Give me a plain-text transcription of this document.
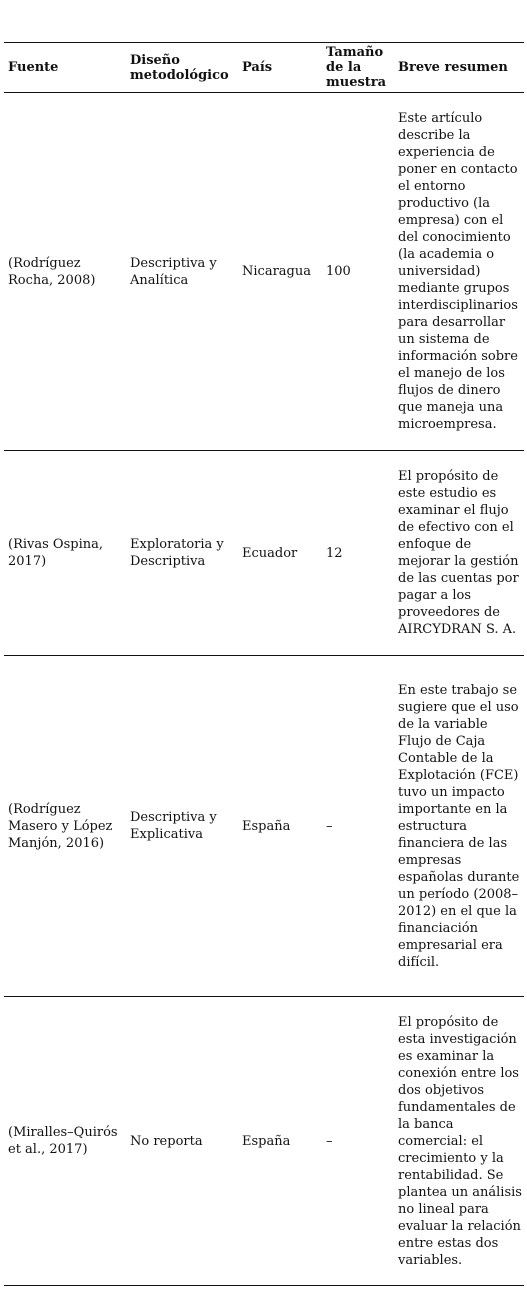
Fuente	Diseño metodológico	País	Tamaño de la muestra	Breve resumen
(Rodríguez Rocha, 2008)	Descriptiva y Analítica	Nicaragua	100	Este artículo describe la experiencia de poner en contacto el entorno productivo (la empresa) con el del conocimiento (la academia o universidad) mediante grupos interdisciplinarios para desarrollar un sistema de información sobre el manejo de los flujos de dinero que maneja una microempresa.
(Rivas Ospina, 2017)	Exploratoria y Descriptiva	Ecuador	12	El propósito de este estudio es examinar el flujo de efectivo con el enfoque de mejorar la gestión de las cuentas por pagar a los proveedores de AIRCYDRAN S. A.
(Rodríguez Masero y López Manjón, 2016)	Descriptiva y Explicativa	España	–	En este trabajo se sugiere que el uso de la variable Flujo de Caja Contable de la Explotación (FCE) tuvo un impacto importante en la estructura financiera de las empresas españolas durante un período (2008–2012) en el que la financiación empresarial era difícil.
(Miralles–Quirós et al., 2017)	No reporta	España	–	El propósito de esta investigación es examinar la conexión entre los dos objetivos fundamentales de la banca comercial: el crecimiento y la rentabilidad. Se plantea un análisis no lineal para evaluar la relación entre estas dos variables.
